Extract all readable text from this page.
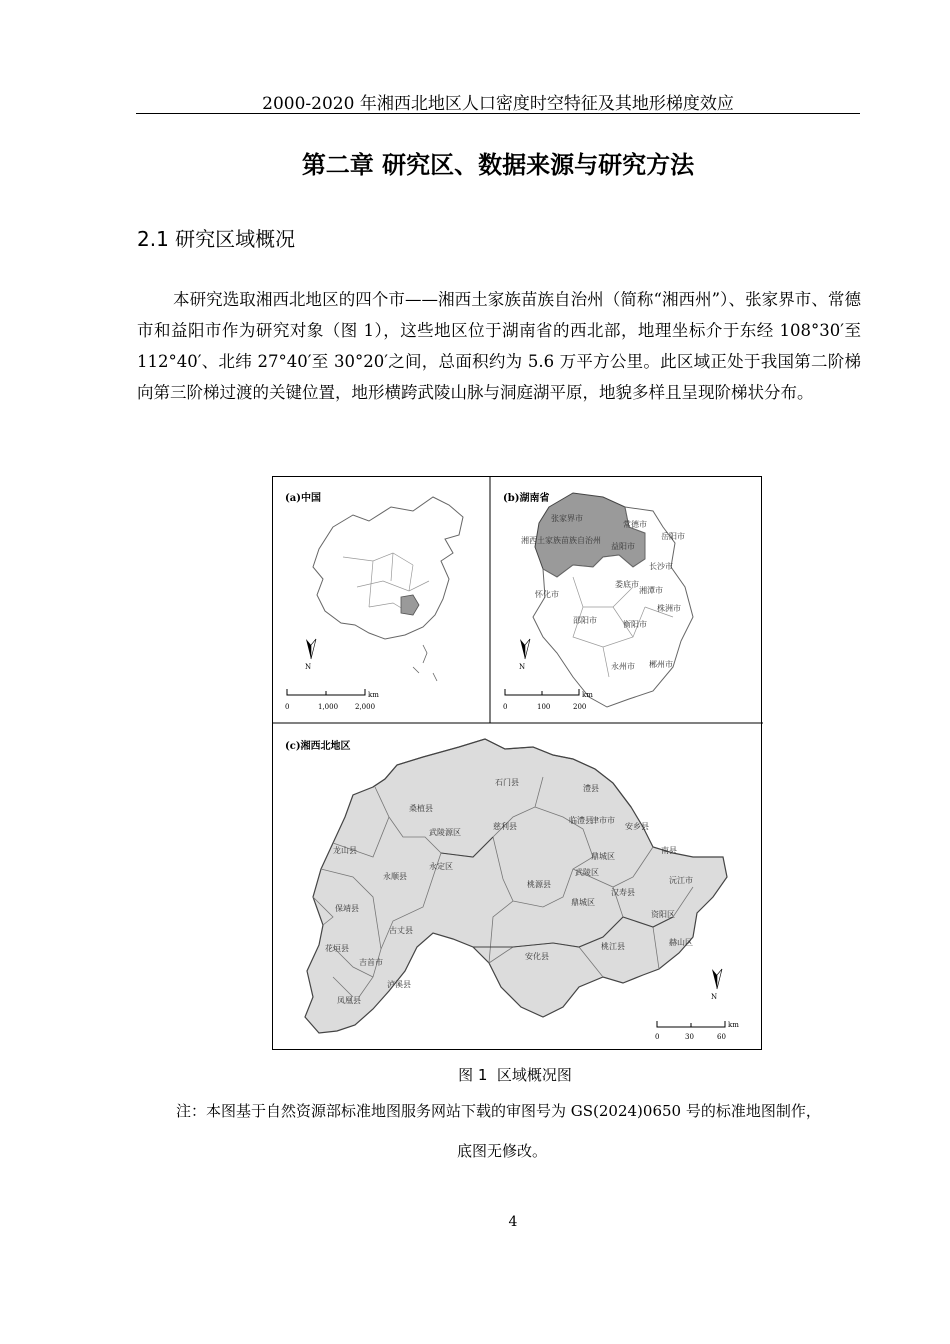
2000-2020 年湘西北地区人口密度时空特征及其地形梯度效应
第二章 研究区、数据来源与研究方法
2.1 研究区域概况
本研究选取湘西北地区的四个市——湘西土家族苗族自治州（简称“湘西州”）、张家界市、常德市和益阳市作为研究对象（图 1），这些地区位于湖南省的西北部，地理坐标介于东经 108°30′至 112°40′、北纬 27°40′至 30°20′之间，总面积约为 5.6 万平方公里。此区域正处于我国第二阶梯向第三阶梯过渡的关键位置，地形横跨武陵山脉与洞庭湖平原，地貌多样且呈现阶梯状分布。
(a)中国
N
km
0	1,000 2,000
(b)湖南省
张家界市
常德市
湘西土家族苗族自治州
益阳市
岳阳市
长沙市
娄底市
湘潭市
怀化市
株洲市
邵阳市	衡阳市
永州市 郴州市
N
km
0	100	200
(c)湘西北地区
石门县
澧县
桑植县
慈利县
临澧县
津市市
武陵源区
安乡县
永定区
鼎城区
南县
龙山县
永顺县	武陵区
沅江市
桃源县
汉寿县
保靖县
鼎城区
古丈县
资阳区
桃江县	赫山区
花垣县
吉首市
安化县
泸溪县
凤凰县	N
km
0	30	60
图 1 区域概况图
注：本图基于自然资源部标准地图服务网站下载的审图号为 GS(2024)0650 号的标准地图制作，
底图无修改。
4
